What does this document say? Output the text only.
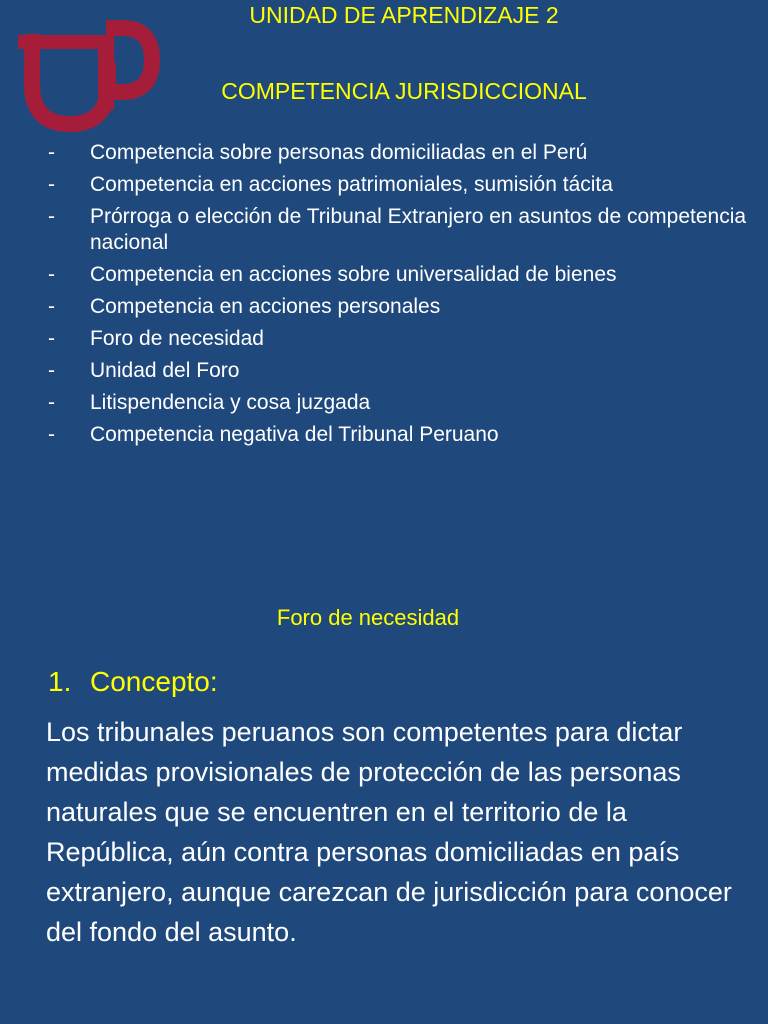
UNIDAD DE APRENDIZAJE 2
COMPETENCIA JURISDICCIONAL
-	Competencia sobre personas domiciliadas en el Perú
-	Competencia en acciones patrimoniales, sumisión tácita
-	Prórroga o elección de Tribunal Extranjero en asuntos de competencia nacional
-	Competencia en acciones sobre universalidad de bienes
-	Competencia en acciones personales
-	Foro de necesidad
-	Unidad del Foro
-	Litispendencia y cosa juzgada
-	Competencia negativa del Tribunal Peruano
Foro de necesidad
1. Concepto:

Los tribunales peruanos son competentes para dictar medidas provisionales de protección de las personas naturales que se encuentren en el territorio de la República, aún contra personas domiciliadas en país extranjero, aunque carezcan de jurisdicción para conocer del fondo del asunto.
